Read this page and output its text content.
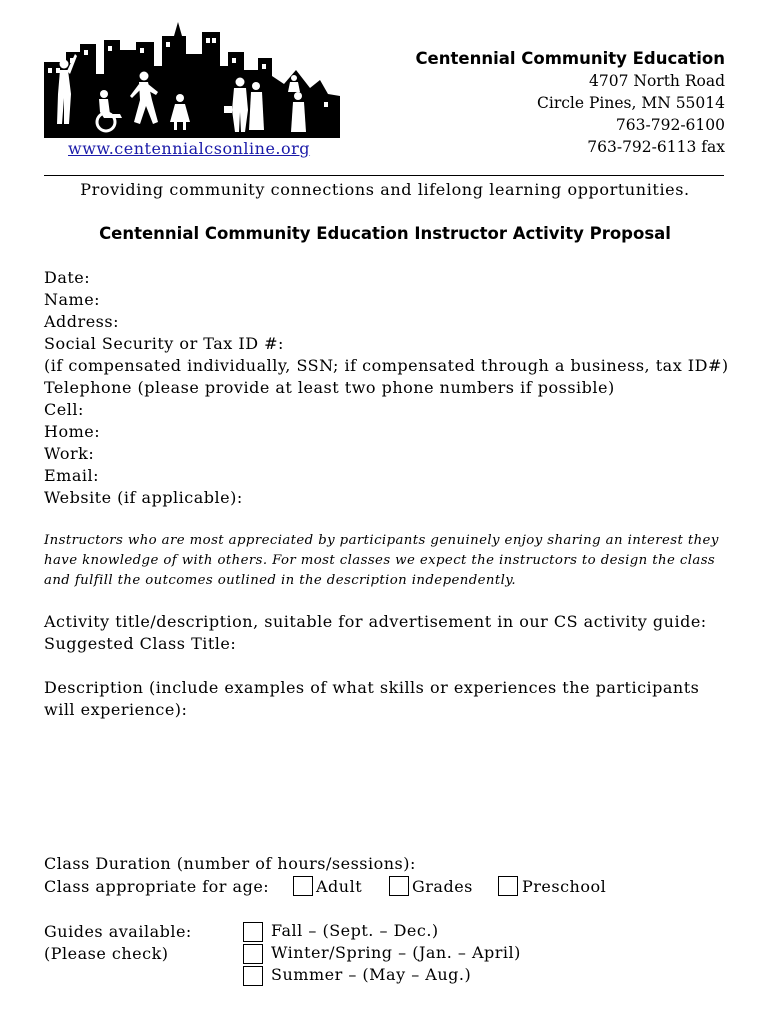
www.centennialcsonline.org
Centennial Community Education
4707 North Road
Circle Pines, MN 55014
763-792-6100
763-792-6113 fax
Providing community connections and lifelong learning opportunities.
Centennial Community Education Instructor Activity Proposal
Date:
Name:
Address:
Social Security or Tax ID #:
(if compensated individually, SSN; if compensated through a business, tax ID#)
Telephone (please provide at least two phone numbers if possible)
Cell:
Home:
Work:
Email:
Website (if applicable):
Instructors who are most appreciated by participants genuinely enjoy sharing an interest they have knowledge of with others. For most classes we expect the instructors to design the class and fulfill the outcomes outlined in the description independently.
Activity title/description, suitable for advertisement in our CS activity guide:
Suggested Class Title:
Description (include examples of what skills or experiences the participants will experience):
Class Duration (number of hours/sessions):
Class appropriate for age:	Adult	Grades	Preschool
Guides available:
(Please check)
Fall – (Sept. – Dec.)
Winter/Spring – (Jan. – April)
Summer – (May – Aug.)
